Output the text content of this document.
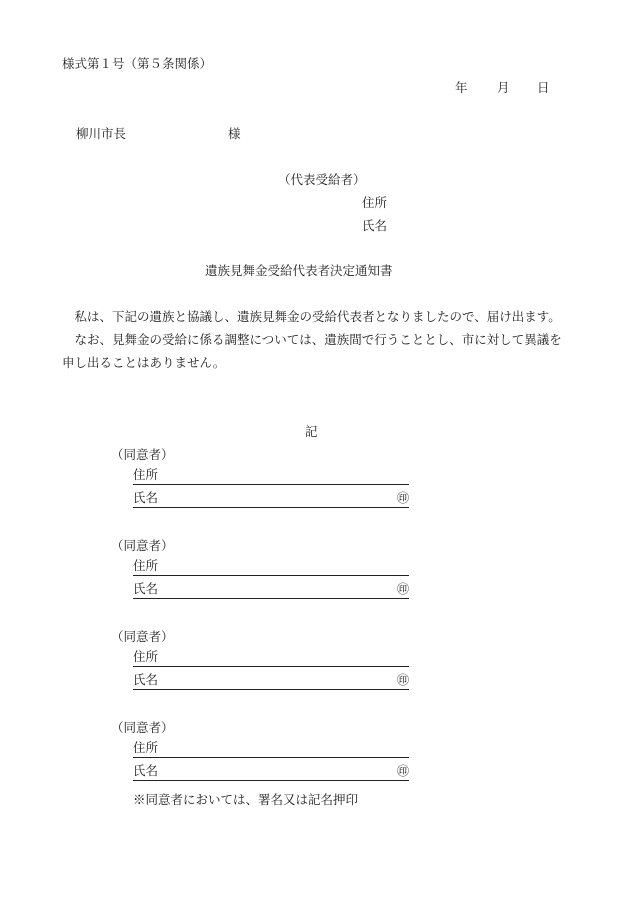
様式第１号（第５条関係）
年 月 日
柳川市長	様
（代表受給者）
住所
氏名
遺族見舞金受給代表者決定通知書

私は、下記の遺族と協議し、遺族見舞金の受給代表者となりましたので、届け出ます。

なお、見舞金の受給に係る調整については、遺族間で行うこととし、市に対して異議を申し出ることはありません。

記
（同意者）
住所
氏名	㊞
（同意者）
住所
氏名	㊞
（同意者）
住所
氏名	㊞
（同意者）
住所
氏名	㊞
※同意者においては、署名又は記名押印
